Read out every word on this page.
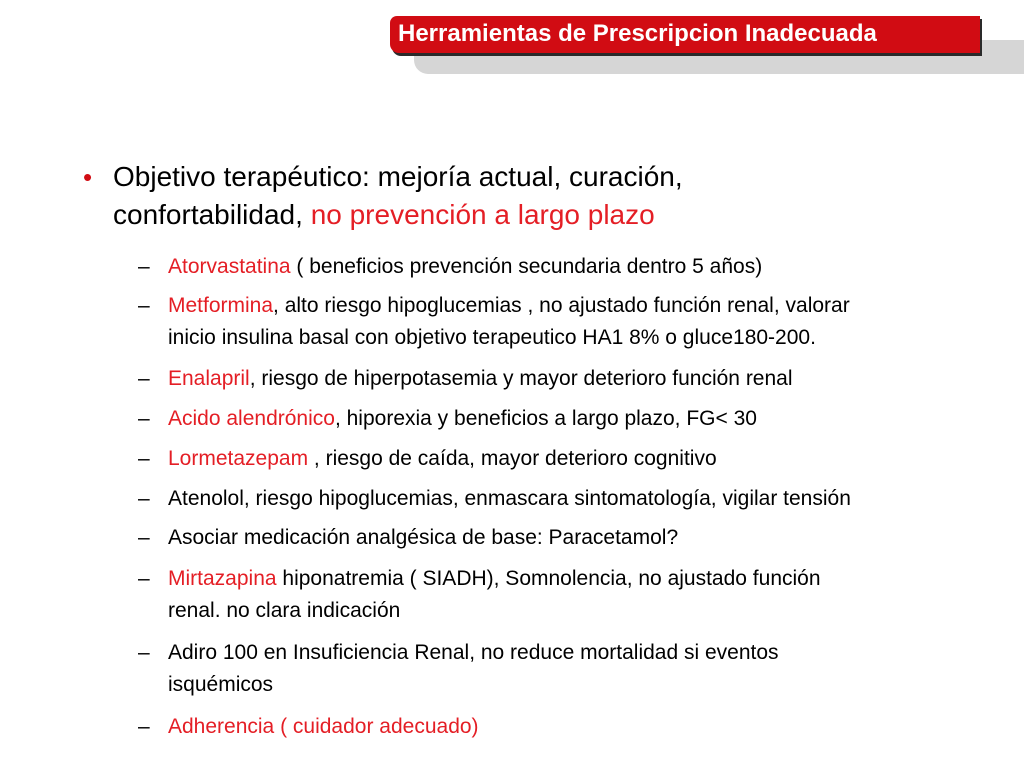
Herramientas de Prescripcion Inadecuada
• Objetivo terapéutico: mejoría actual, curación,
confortabilidad, no prevención a largo plazo
– Atorvastatina ( beneficios prevención secundaria dentro 5 años)
– Metformina, alto riesgo hipoglucemias , no ajustado función renal, valorar
inicio insulina basal con objetivo terapeutico HA1 8% o gluce180-200.
– Enalapril, riesgo de hiperpotasemia y mayor deterioro función renal
– Acido alendrónico, hiporexia y beneficios a largo plazo, FG< 30
– Lormetazepam , riesgo de caída, mayor deterioro cognitivo
– Atenolol, riesgo hipoglucemias, enmascara sintomatología, vigilar tensión
– Asociar medicación analgésica de base: Paracetamol?
– Mirtazapina hiponatremia ( SIADH), Somnolencia, no ajustado función
renal. no clara indicación
– Adiro 100 en Insuficiencia Renal, no reduce mortalidad si eventos
isquémicos
– Adherencia ( cuidador adecuado)
